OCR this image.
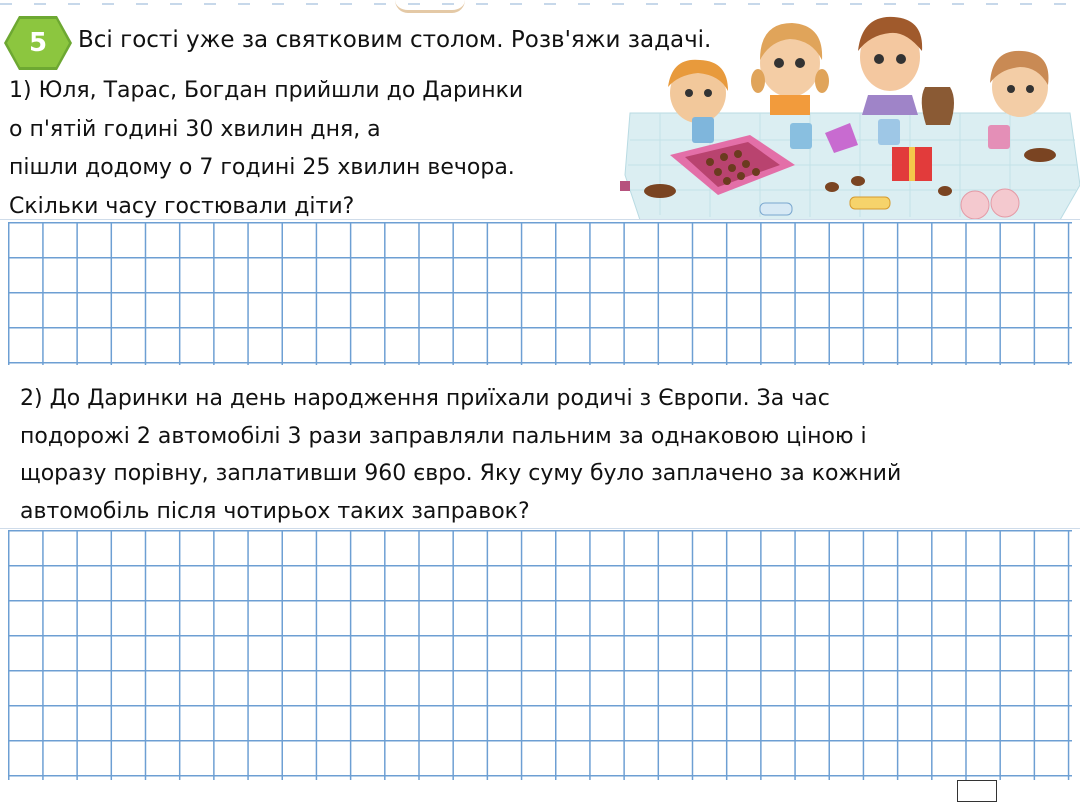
5	Всі гості уже за святковим столом. Розв'яжи задачі.
1) Юля, Тарас, Богдан прийшли до Даринки
о п'ятій годині 30 хвилин дня, а
пішли додому о 7 годині 25 хвилин вечора.
Скільки часу гостювали діти?
2) До Даринки на день народження приїхали родичі з Європи. За час
подорожі 2 автомобілі 3 рази заправляли пальним за однаковою ціною і
щоразу порівну, заплативши 960 євро. Яку суму було заплачено за кожний
автомобіль після чотирьох таких заправок?
